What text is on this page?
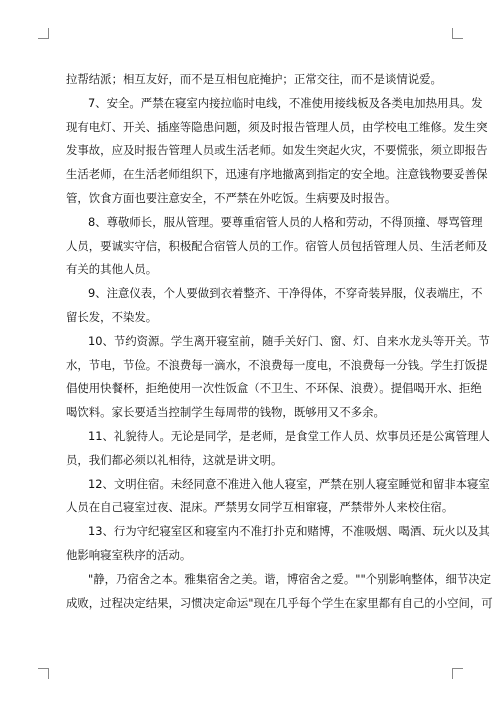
拉帮结派；相互友好，而不是互相包庇掩护；正常交往，而不是谈情说爱。
7、安全。严禁在寝室内接拉临时电线，不准使用接线板及各类电加热用具。发
现有电灯、开关、插座等隐患问题，须及时报告管理人员，由学校电工维修。发生突
发事故，应及时报告管理人员或生活老师。如发生突起火灾，不要慌张，须立即报告
生活老师，在生活老师组织下，迅速有序地撤离到指定的安全地。注意钱物要妥善保
管，饮食方面也要注意安全，不严禁在外吃饭。生病要及时报告。
8、尊敬师长，服从管理。要尊重宿管人员的人格和劳动，不得顶撞、辱骂管理
人员，要诚实守信，积极配合宿管人员的工作。宿管人员包括管理人员、生活老师及
有关的其他人员。
9、注意仪表，个人要做到衣着整齐、干净得体，不穿奇装异服，仪表端庄，不
留长发，不染发。
10、节约资源。学生离开寝室前，随手关好门、窗、灯、自来水龙头等开关。节
水，节电，节俭。不浪费每一滴水，不浪费每一度电，不浪费每一分钱。学生打饭提
倡使用快餐杯，拒绝使用一次性饭盒（不卫生、不环保、浪费）。提倡喝开水、拒绝
喝饮料。家长要适当控制学生每周带的钱物，既够用又不多余。
11、礼貌待人。无论是同学，是老师，是食堂工作人员、炊事员还是公寓管理人
员，我们都必须以礼相待，这就是讲文明。
12、文明住宿。未经同意不准进入他人寝室，严禁在别人寝室睡觉和留非本寝室
人员在自己寝室过夜、混床。严禁男女同学互相窜寝，严禁带外人来校住宿。
13、行为守纪寝室区和寝室内不准打扑克和赌博，不准吸烟、喝酒、玩火以及其
他影响寝室秩序的活动。
"静，乃宿舍之本。雅集宿舍之美。谐，博宿舍之爱。""个别影响整体，细节决定
成败，过程决定结果，习惯决定命运"现在几乎每个学生在家里都有自己的小空间，可
